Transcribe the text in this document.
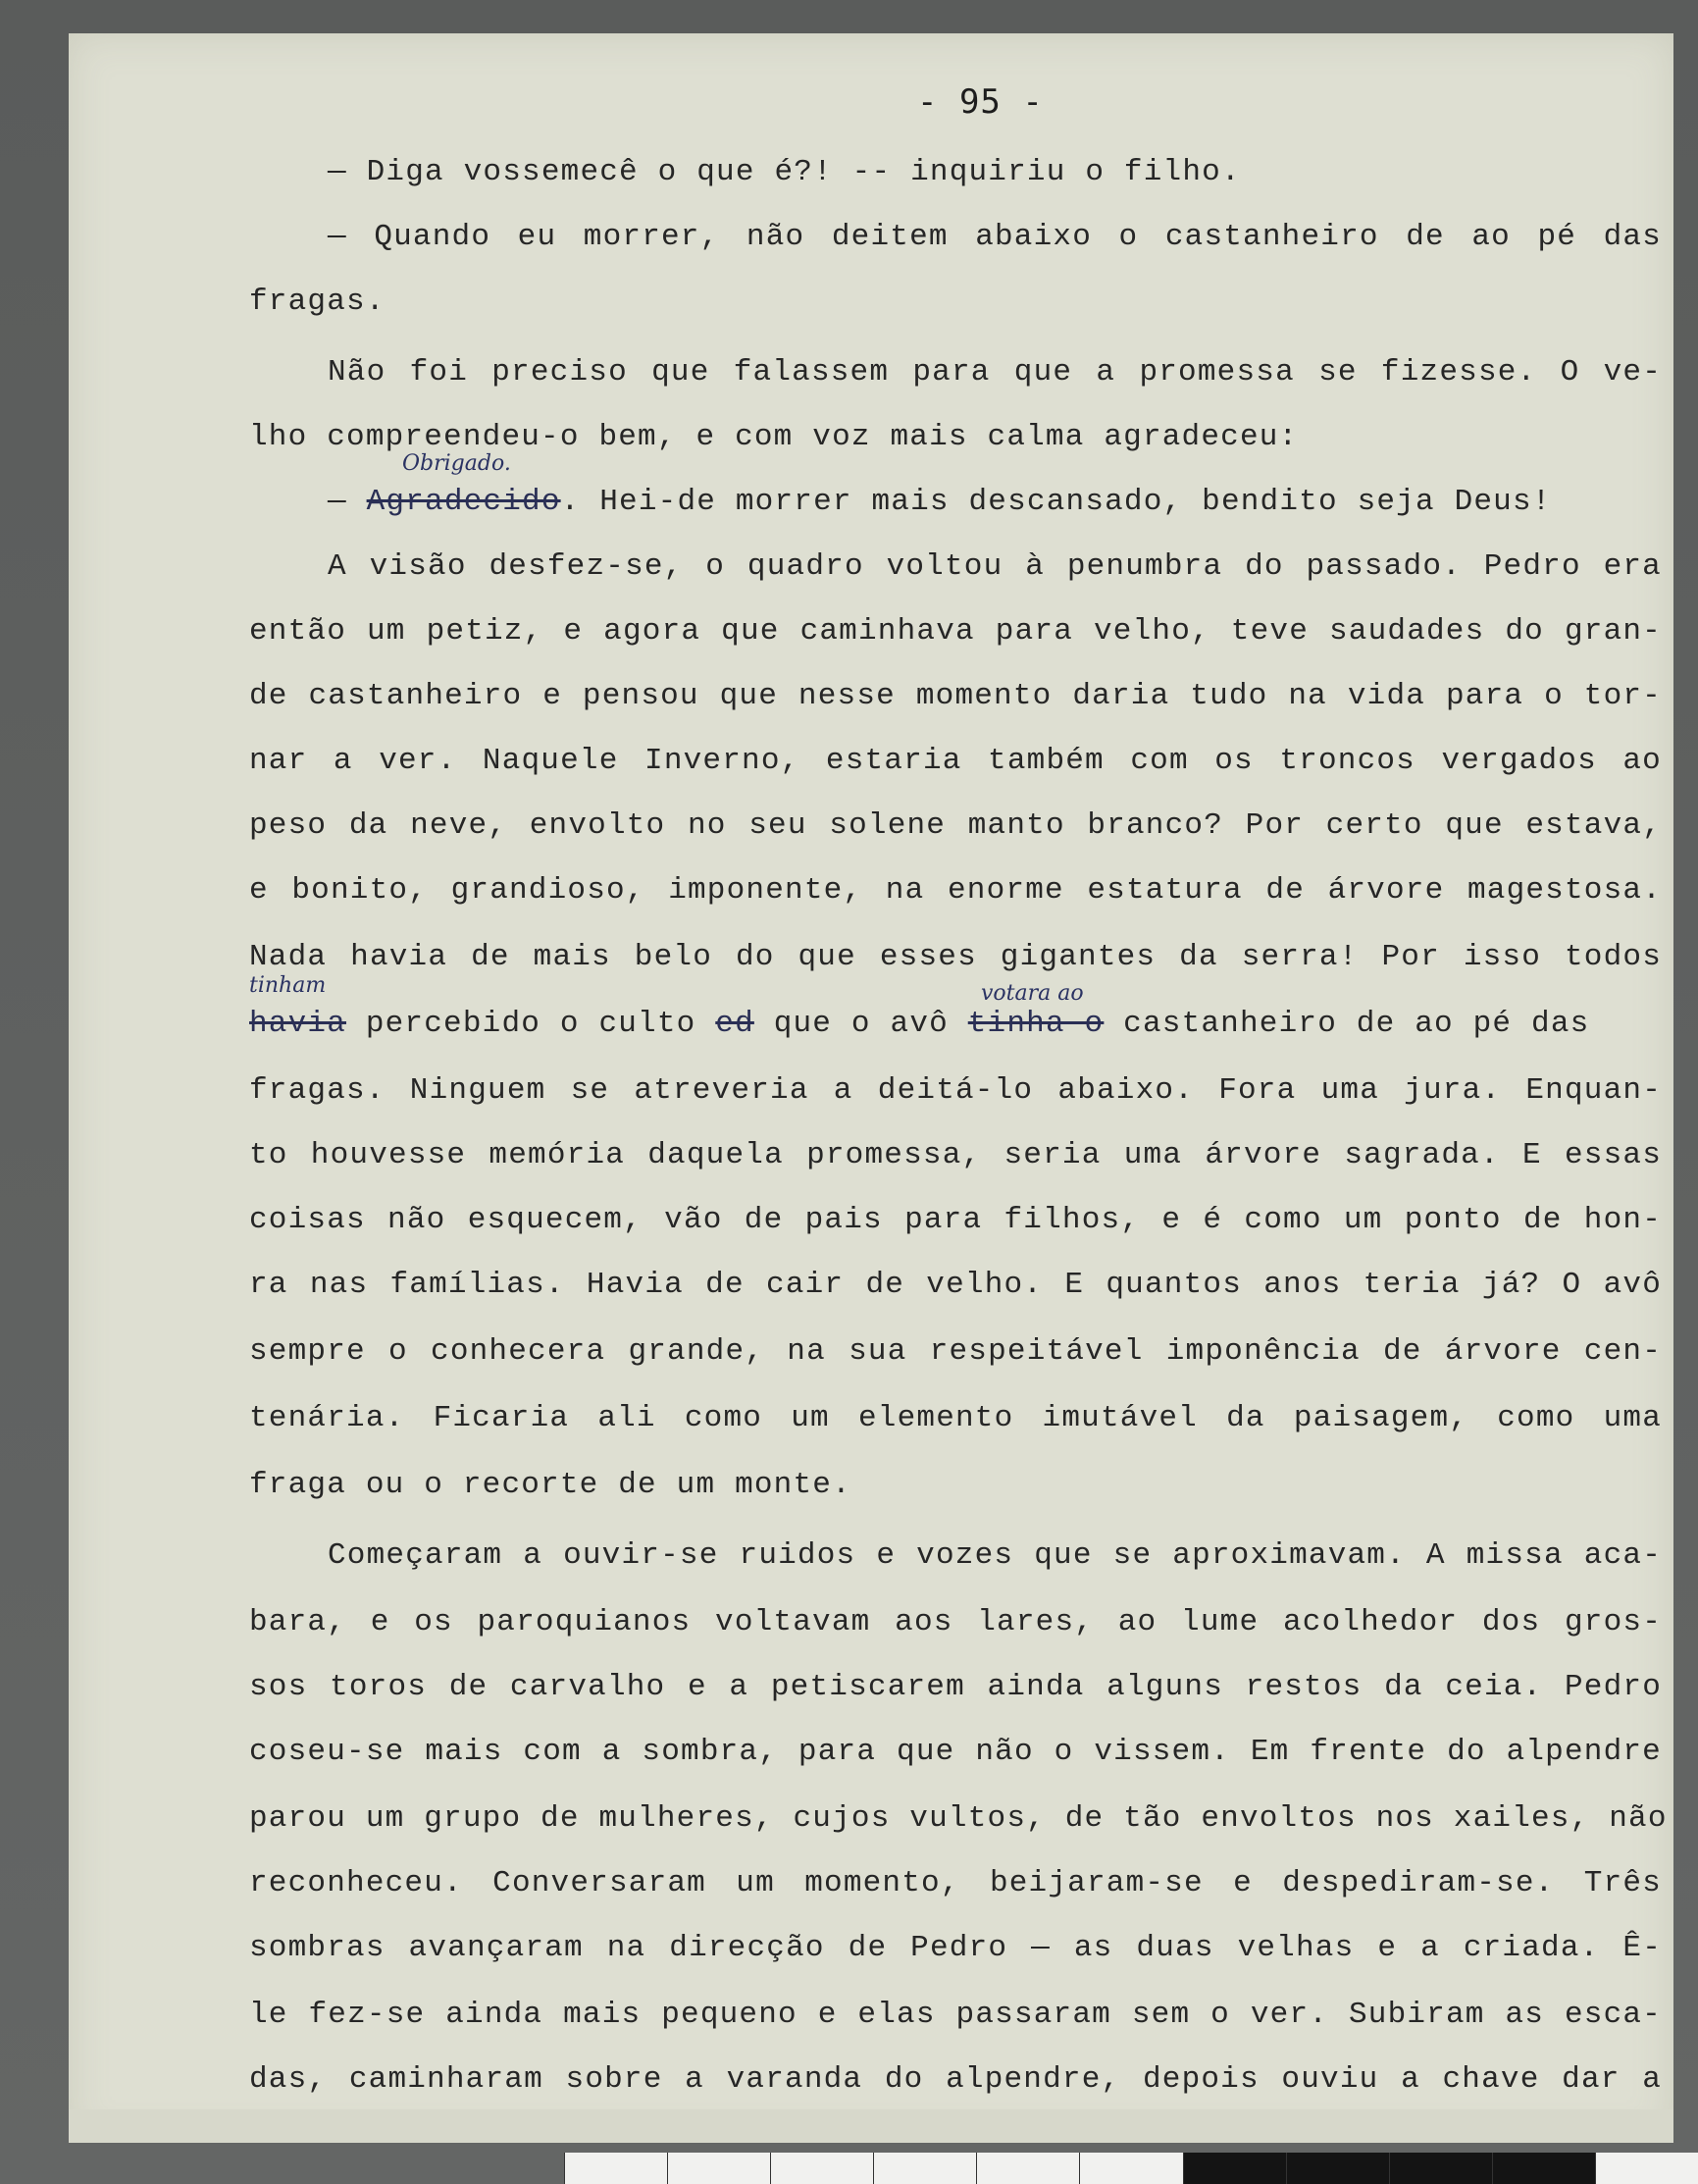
- 95 -
— Diga vossemecê o que é?! -- inquiriu o filho.
— Quando eu morrer, não deitem abaixo o castanheiro de ao pé das
fragas.
Não foi preciso que falassem para que a promessa se fizesse. O ve-
lho compreendeu-o bem, e com voz mais calma agradeceu:
— Agradecido. Hei-de morrer mais descansado, bendito seja Deus!
Obrigado.
A visão desfez-se, o quadro voltou à penumbra do passado. Pedro era
então um petiz, e agora que caminhava para velho, teve saudades do gran-
de castanheiro e pensou que nesse momento daria tudo na vida para o tor-
nar a ver. Naquele Inverno, estaria também com os troncos vergados ao
peso da neve, envolto no seu solene manto branco? Por certo que estava,
e bonito, grandioso, imponente, na enorme estatura de árvore magestosa.
Nada havia de mais belo do que esses gigantes da serra! Por isso todos
havia percebido o culto ed que o avô tinha o castanheiro de ao pé das
tinham	votara ao
fragas. Ninguem se atreveria a deitá-lo abaixo. Fora uma jura. Enquan-
to houvesse memória daquela promessa, seria uma árvore sagrada. E essas
coisas não esquecem, vão de pais para filhos, e é como um ponto de hon-
ra nas famílias. Havia de cair de velho. E quantos anos teria já? O avô
sempre o conhecera grande, na sua respeitável imponência de árvore cen-
tenária. Ficaria ali como um elemento imutável da paisagem, como uma
fraga ou o recorte de um monte.
Começaram a ouvir-se ruidos e vozes que se aproximavam. A missa aca-
bara, e os paroquianos voltavam aos lares, ao lume acolhedor dos gros-
sos toros de carvalho e a petiscarem ainda alguns restos da ceia. Pedro
coseu-se mais com a sombra, para que não o vissem. Em frente do alpendre
parou um grupo de mulheres, cujos vultos, de tão envoltos nos xailes, não
reconheceu. Conversaram um momento, beijaram-se e despediram-se. Três
sombras avançaram na direcção de Pedro — as duas velhas e a criada. Ê-
le fez-se ainda mais pequeno e elas passaram sem o ver. Subiram as esca-
das, caminharam sobre a varanda do alpendre, depois ouviu a chave dar a
